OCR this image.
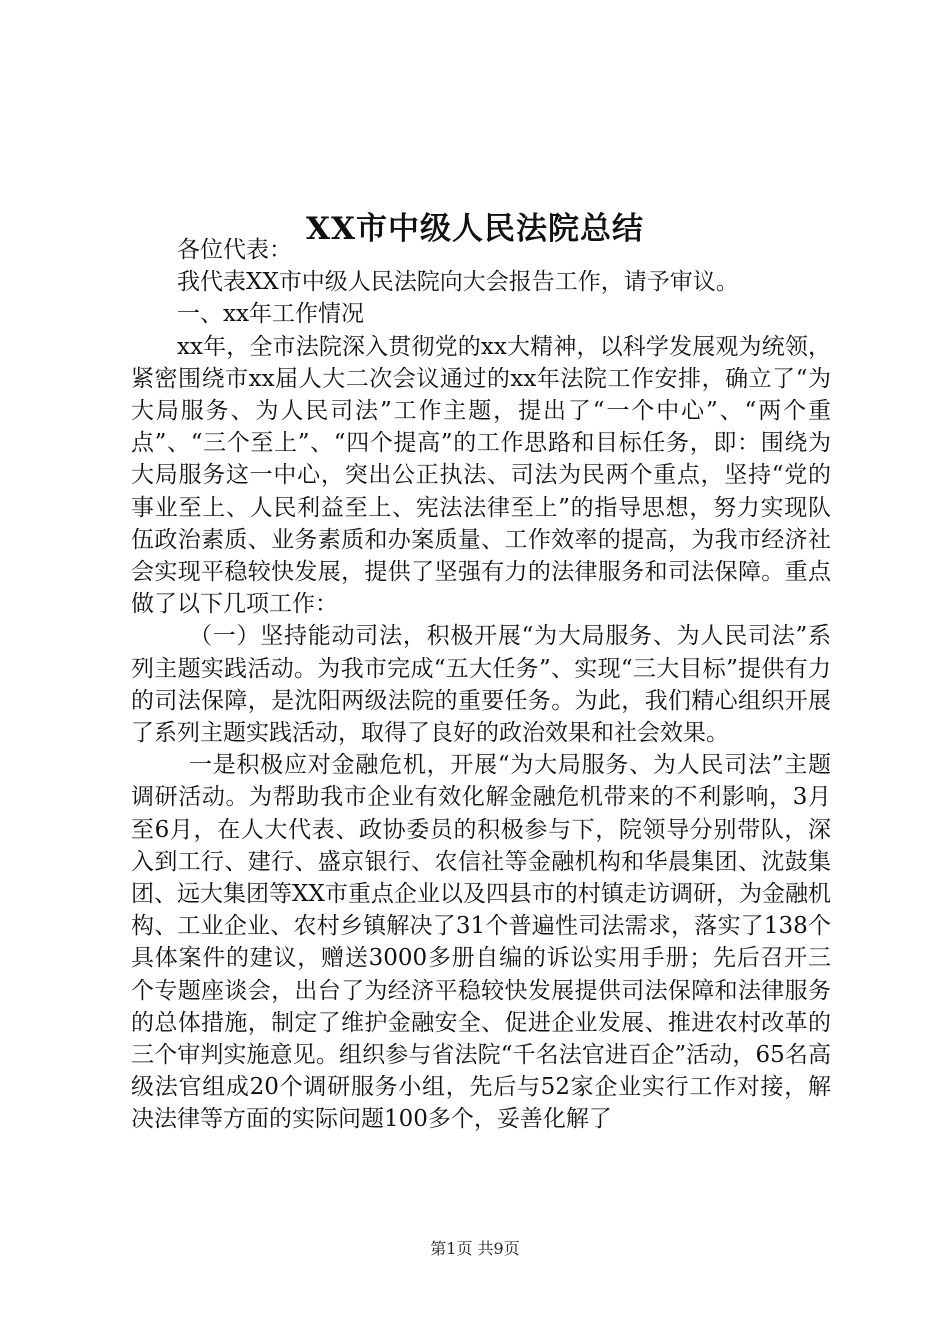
XX市中级人民法院总结

各位代表：

我代表XX市中级人民法院向大会报告工作，请予审议。

一、xx年工作情况

xx年，全市法院深入贯彻党的xx大精神，以科学发展观为统领，紧密围绕市xx届人大二次会议通过的xx年法院工作安排，确立了“为大局服务、为人民司法”工作主题，提出了“一个中心”、“两个重点”、“三个至上”、“四个提高”的工作思路和目标任务，即：围绕为大局服务这一中心，突出公正执法、司法为民两个重点，坚持“党的事业至上、人民利益至上、宪法法律至上”的指导思想，努力实现队伍政治素质、业务素质和办案质量、工作效率的提高，为我市经济社会实现平稳较快发展，提供了坚强有力的法律服务和司法保障。重点做了以下几项工作：

（一）坚持能动司法，积极开展“为大局服务、为人民司法”系列主题实践活动。为我市完成“五大任务”、实现“三大目标”提供有力的司法保障，是沈阳两级法院的重要任务。为此，我们精心组织开展了系列主题实践活动，取得了良好的政治效果和社会效果。

一是积极应对金融危机，开展“为大局服务、为人民司法”主题调研活动。为帮助我市企业有效化解金融危机带来的不利影响，3月至6月，在人大代表、政协委员的积极参与下，院领导分别带队，深入到工行、建行、盛京银行、农信社等金融机构和华晨集团、沈鼓集团、远大集团等XX市重点企业以及四县市的村镇走访调研，为金融机构、工业企业、农村乡镇解决了31个普遍性司法需求，落实了138个具体案件的建议，赠送3000多册自编的诉讼实用手册；先后召开三个专题座谈会，出台了为经济平稳较快发展提供司法保障和法律服务的总体措施，制定了维护金融安全、促进企业发展、推进农村改革的三个审判实施意见。组织参与省法院“千名法官进百企”活动，65名高级法官组成20个调研服务小组，先后与52家企业实行工作对接，解决法律等方面的实际问题100多个，妥善化解了

第1页 共9页
